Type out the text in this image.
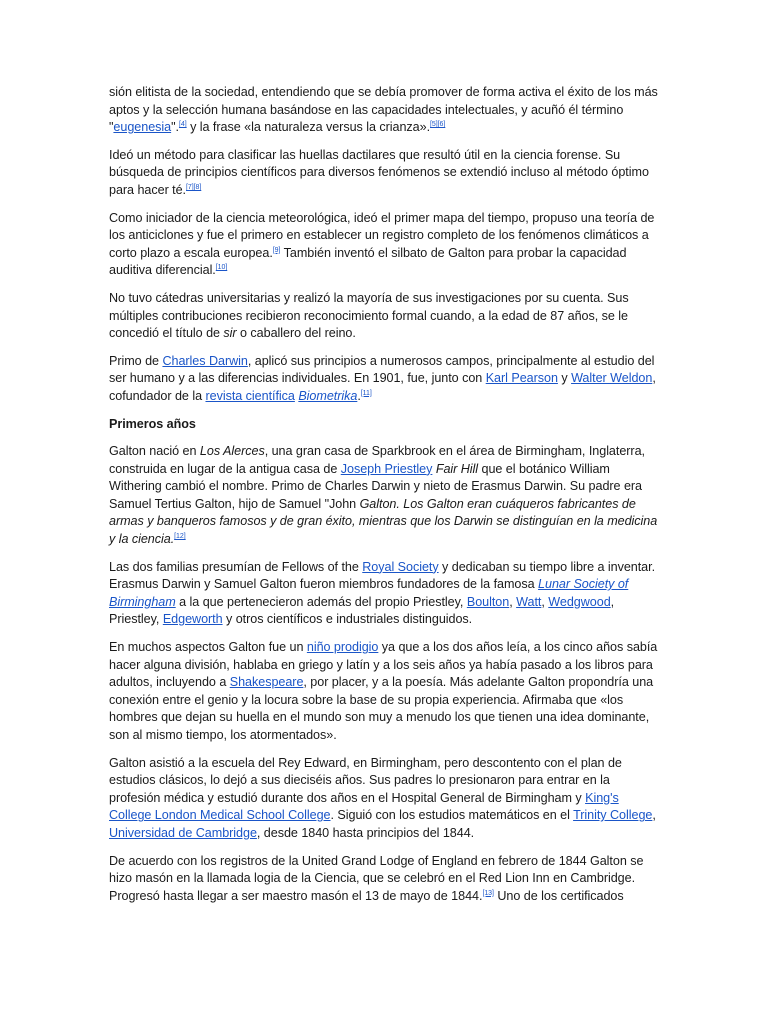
sión elitista de la sociedad, entendiendo que se debía promover de forma activa el éxito de los más aptos y la selección humana basándose en las capacidades intelectuales, y acuñó él término "eugenesia".[4] y la frase «la naturaleza versus la crianza».[5][6]

Ideó un método para clasificar las huellas dactilares que resultó útil en la ciencia forense. Su búsqueda de principios científicos para diversos fenómenos se extendió incluso al método óptimo para hacer té.[7][8]

Como iniciador de la ciencia meteorológica, ideó el primer mapa del tiempo, propuso una teoría de los anticiclones y fue el primero en establecer un registro completo de los fenómenos climáticos a corto plazo a escala europea.[9] También inventó el silbato de Galton para probar la capacidad auditiva diferencial.[10]

No tuvo cátedras universitarias y realizó la mayoría de sus investigaciones por su cuenta. Sus múltiples contribuciones recibieron reconocimiento formal cuando, a la edad de 87 años, se le concedió el título de sir o caballero del reino.

Primo de Charles Darwin, aplicó sus principios a numerosos campos, principalmente al estudio del ser humano y a las diferencias individuales. En 1901, fue, junto con Karl Pearson y Walter Weldon, cofundador de la revista científica Biometrika.[11]

Primeros años

Galton nació en Los Alerces, una gran casa de Sparkbrook en el área de Birmingham, Inglaterra, construida en lugar de la antigua casa de Joseph Priestley Fair Hill que el botánico William Withering cambió el nombre. Primo de Charles Darwin y nieto de Erasmus Darwin. Su padre era Samuel Tertius Galton, hijo de Samuel "John Galton. Los Galton eran cuáqueros fabricantes de armas y banqueros famosos y de gran éxito, mientras que los Darwin se distinguían en la medicina y la ciencia.[12]

Las dos familias presumían de Fellows of the Royal Society y dedicaban su tiempo libre a inventar. Erasmus Darwin y Samuel Galton fueron miembros fundadores de la famosa Lunar Society of Birmingham a la que pertenecieron además del propio Priestley, Boulton, Watt, Wedgwood, Priestley, Edgeworth y otros científicos e industriales distinguidos.

En muchos aspectos Galton fue un niño prodigio ya que a los dos años leía, a los cinco años sabía hacer alguna división, hablaba en griego y latín y a los seis años ya había pasado a los libros para adultos, incluyendo a Shakespeare, por placer, y a la poesía. Más adelante Galton propondría una conexión entre el genio y la locura sobre la base de su propia experiencia. Afirmaba que «los hombres que dejan su huella en el mundo son muy a menudo los que tienen una idea dominante, son al mismo tiempo, los atormentados».

Galton asistió a la escuela del Rey Edward, en Birmingham, pero descontento con el plan de estudios clásicos, lo dejó a sus dieciséis años. Sus padres lo presionaron para entrar en la profesión médica y estudió durante dos años en el Hospital General de Birmingham y King's College London Medical School College. Siguió con los estudios matemáticos en el Trinity College, Universidad de Cambridge, desde 1840 hasta principios del 1844.

De acuerdo con los registros de la United Grand Lodge of England en febrero de 1844 Galton se hizo masón en la llamada logia de la Ciencia, que se celebró en el Red Lion Inn en Cambridge. Progresó hasta llegar a ser maestro masón el 13 de mayo de 1844.[13] Uno de los certificados
